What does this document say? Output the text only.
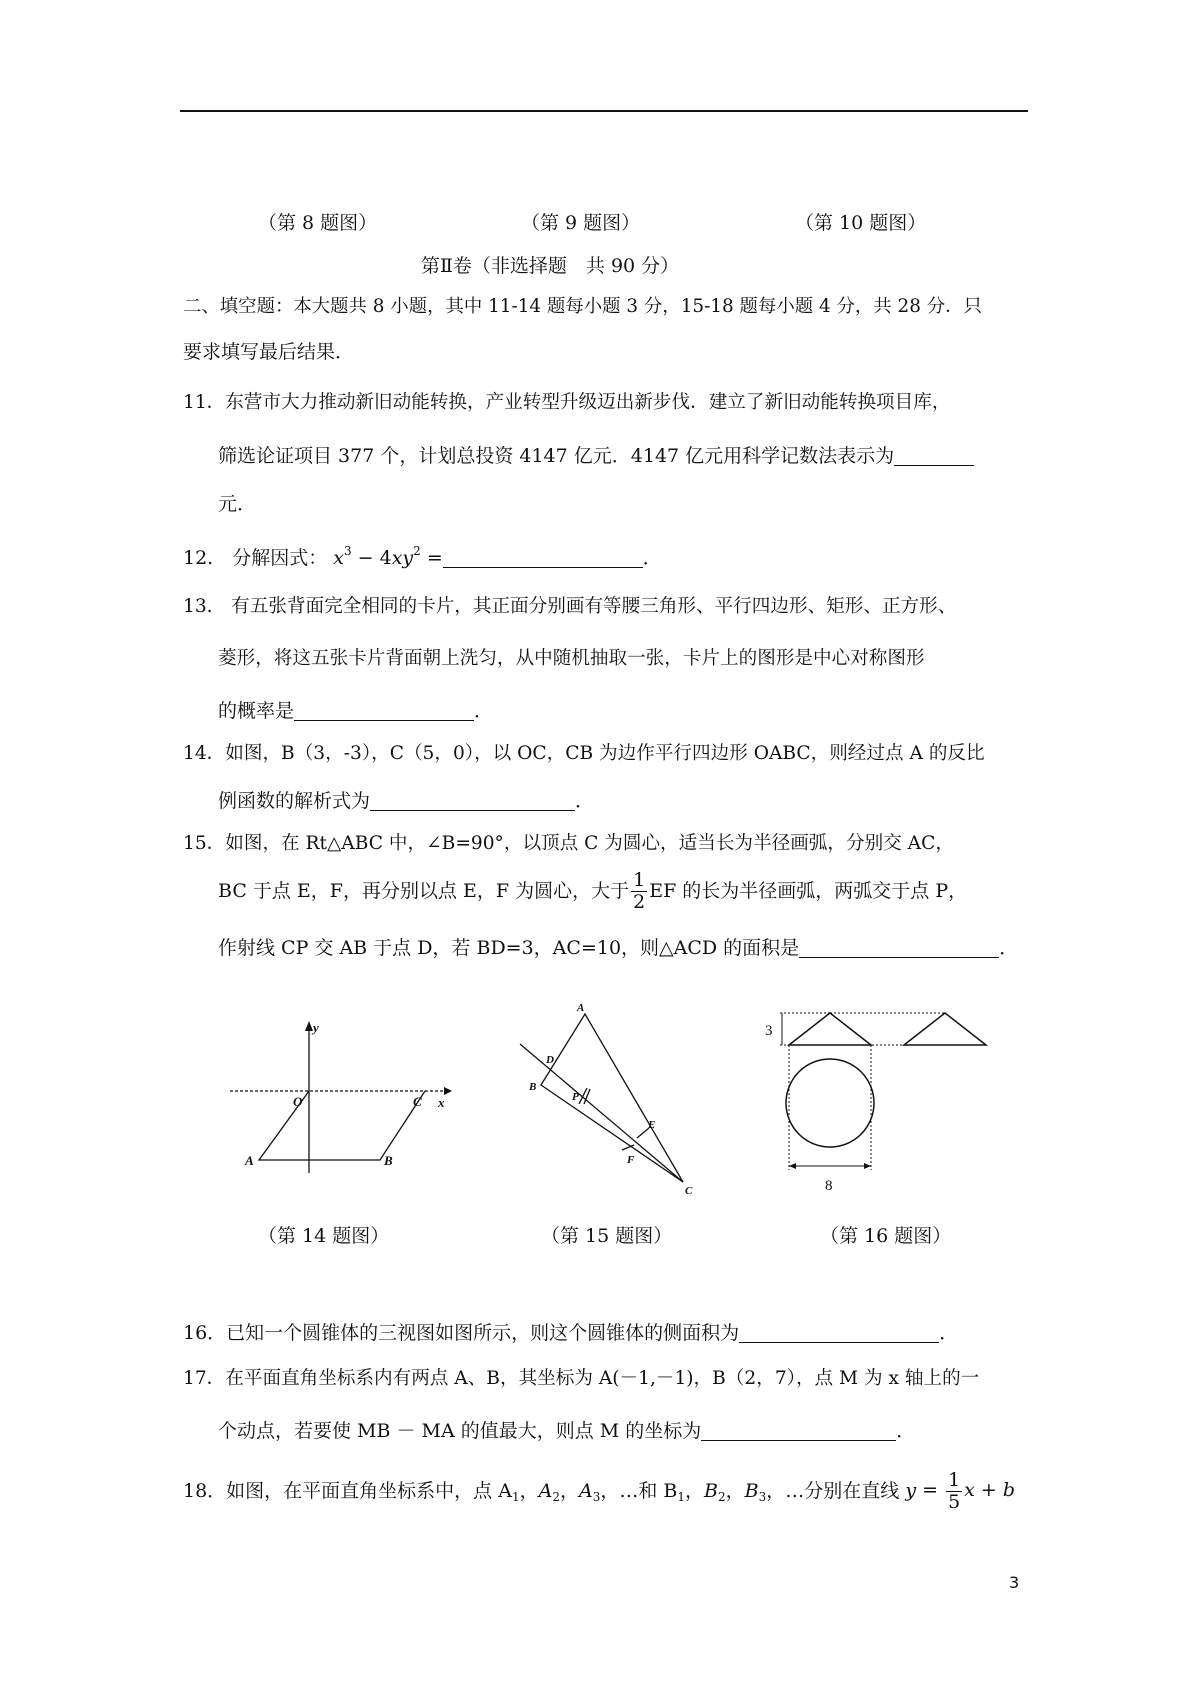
（第 8 题图）	（第 9 题图）	（第 10 题图）
第Ⅱ卷（非选择题　共 90 分）
二、填空题：本大题共 8 小题，其中 11-14 题每小题 3 分，15-18 题每小题 4 分，共 28 分．只
要求填写最后结果．
11．东营市大力推动新旧动能转换，产业转型升级迈出新步伐．建立了新旧动能转换项目库，
筛选论证项目 377 个，计划总投资 4147 亿元．4147 亿元用科学记数法表示为
元．
12.　分解因式： $x^3 - 4xy^2$ =	．
13.　有五张背面完全相同的卡片，其正面分别画有等腰三角形、平行四边形、矩形、正方形、
菱形，将这五张卡片背面朝上洗匀，从中随机抽取一张，卡片上的图形是中心对称图形
的概率是	．
14．如图，B（3，-3），C（5，0），以 OC，CB 为边作平行四边形 OABC，则经过点 A 的反比
例函数的解析式为	．
15．如图，在 Rt△ABC 中，∠B=90°，以顶点 C 为圆心，适当长为半径画弧，分别交 AC，
BC 于点 E，F，再分别以点 E，F 为圆心，大于 $\frac{1}{2}$ EF 的长为半径画弧，两弧交于点 P，
作射线 CP 交 AB 于点 D，若 BD=3，AC=10，则△ACD 的面积是	．
y
x
O	C
A	B
A
D
P
E
B
F
C
3
8
（第 14 题图）	（第 15 题图）	（第 16 题图）
16．已知一个圆锥体的三视图如图所示，则这个圆锥体的侧面积为	．
17．在平面直角坐标系内有两点 A、B，其坐标为 A(－1,－1)，B（2，7），点 M 为 x 轴上的一
个动点，若要使 MB － MA 的值最大，则点 M 的坐标为	．
18．如图，在平面直角坐标系中，点 $A_1$，$A_2$，$A_3$，…和 $B_1$，$B_2$，$B_3$，…分别在直线 $y = \frac{1}{5}$ x + b
3
